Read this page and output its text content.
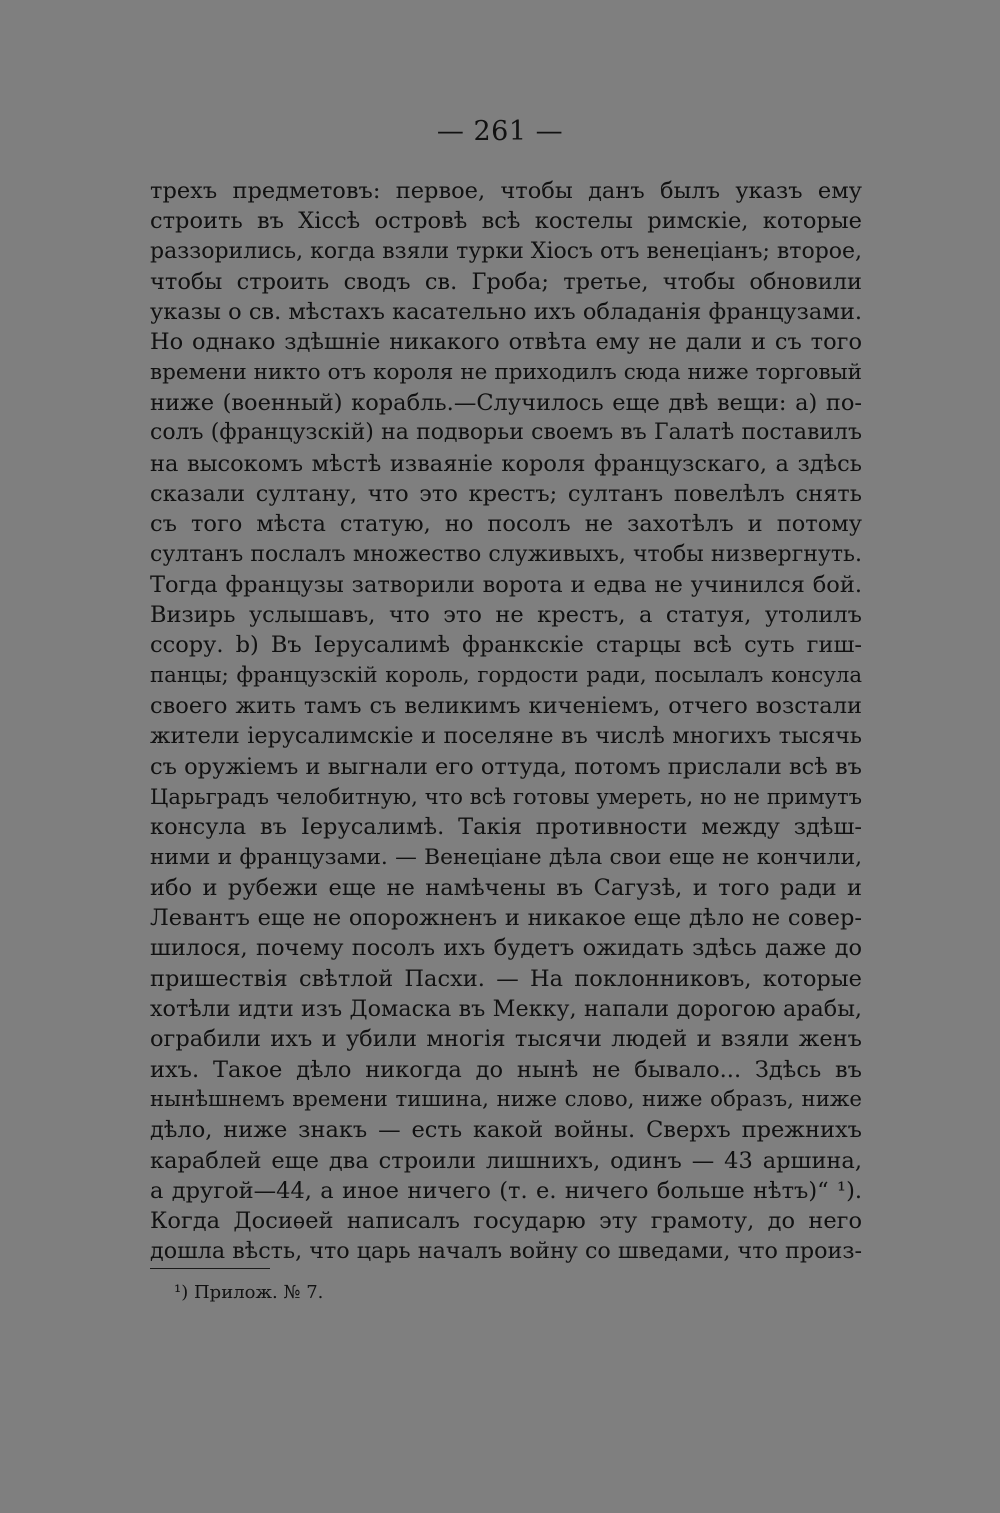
— 261 —
трехъ предметовъ: первое, чтобы данъ былъ указъ ему
строить въ Хіссѣ островѣ всѣ костелы римскіе, которые
раззорились, когда взяли турки Хіосъ отъ венеціанъ; второе,
чтобы строить сводъ св. Гроба; третье, чтобы обновили
указы о св. мѣстахъ касательно ихъ обладанія французами.
Но однако здѣшніе никакого отвѣта ему не дали и съ того
времени никто отъ короля не приходилъ сюда ниже торговый
ниже (военный) корабль.—Случилось еще двѣ вещи: а) по-
солъ (французскій) на подворьи своемъ въ Галатѣ поставилъ
на высокомъ мѣстѣ изваяніе короля французскаго, а здѣсь
сказали султану, что это крестъ; султанъ повелѣлъ снять
съ того мѣста статую, но посолъ не захотѣлъ и потому
султанъ послалъ множество служивыхъ, чтобы низвергнуть.
Тогда французы затворили ворота и едва не учинился бой.
Визирь услышавъ, что это не крестъ, а статуя, утолилъ
ссору. b) Въ Іерусалимѣ франкскіе старцы всѣ суть гиш-
панцы; французскій король, гордости ради, посылалъ консула
своего жить тамъ съ великимъ киченіемъ, отчего возстали
жители іерусалимскіе и поселяне въ числѣ многихъ тысячь
съ оружіемъ и выгнали его оттуда, потомъ прислали всѣ въ
Царьградъ челобитную, что всѣ готовы умереть, но не примутъ
консула въ Іерусалимѣ. Такія противности между здѣш-
ними и французами. — Венеціане дѣла свои еще не кончили,
ибо и рубежи еще не намѣчены въ Сагузѣ, и того ради и
Левантъ еще не опорожненъ и никакое еще дѣло не совер-
шилося, почему посолъ ихъ будетъ ожидать здѣсь даже до
пришествія свѣтлой Пасхи. — На поклонниковъ, которые
хотѣли идти изъ Домаска въ Мекку, напали дорогою арабы,
ограбили ихъ и убили многія тысячи людей и взяли женъ
ихъ. Такое дѣло никогда до нынѣ не бывало... Здѣсь въ
нынѣшнемъ времени тишина, ниже слово, ниже образъ, ниже
дѣло, ниже знакъ — есть какой войны. Сверхъ прежнихъ
караблей еще два строили лишнихъ, одинъ — 43 аршина,
а другой—44, а иное ничего (т. е. ничего больше нѣтъ)“ ¹).
Когда Досиѳей написалъ государю эту грамоту, до него
дошла вѣсть, что царь началъ войну со шведами, что произ-
¹) Прилож. № 7.
